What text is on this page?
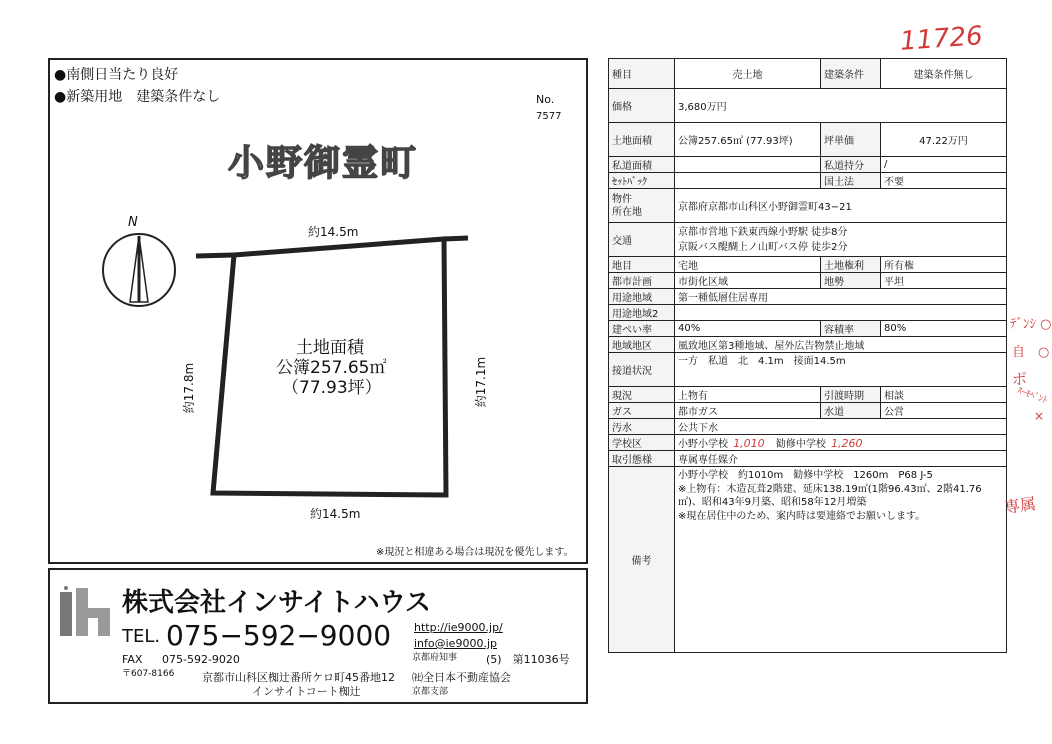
11726
●南側日当たり良好
●新築用地　建築条件なし	No.
7577
小野御霊町
N
約14.5m
約14.5m
約17.8m	約17.1m
土地面積
公簿257.65㎡
（77.93坪）
※現況と相違ある場合は現況を優先します。
株式会社インサイトハウス
TEL. 075−592−9000
FAX 075-592-9020
http://ie9000.jp/
info@ie9000.jp
京都府知事	(5)　第11036号
〒607-8166	京都市山科区椥辻番所ケロ町45番地12
インサイトコート椥辻
㈳全日本不動産協会
京都支部
種目	売土地	建築条件	建築条件無し
価格	3,680万円		
土地面積	公簿257.65㎡ (77.93坪)	坪単価	47.22万円
私道面積		私道持分	/
ｾｯﾄﾊﾞｯｸ		国土法	不要
物件
所在地	京都府京都市山科区小野御霊町43−21		
交通	京都市営地下鉄東西線小野駅 徒歩8分
京阪バス醍醐上ノ山町バス停 徒歩2分		
地目	宅地	土地権利	所有権
都市計画	市街化区域	地勢	平坦
用途地域	第一種低層住居専用		
用途地域2			
建ぺい率	40%	容積率	80%
地域地区	風致地区第3種地域、屋外広告物禁止地域		
接道状況	一方　私道　北　4.1m　接面14.5m		
現況	上物有	引渡時期	相談
ガス	都市ガス	水道	公営
汚水	公共下水		
学校区	小野小学校 1,010 勧修中学校 1,260		
取引態様	専属専任媒介		
備考	小野小学校　約1010m　勧修中学校　1260m　P68 J-5
※上物有：木造瓦葺2階建、延床138.19㎡(1階96.43㎡、2階41.76
㎡)、昭和43年9月築、昭和58年12月増築
※現在居住中のため、案内時は要連絡でお願いします。		
ﾃﾞﾝｼ ○
自　○
ポ
ｽｰﾓﾍﾞﾝﾄ
×
専属
